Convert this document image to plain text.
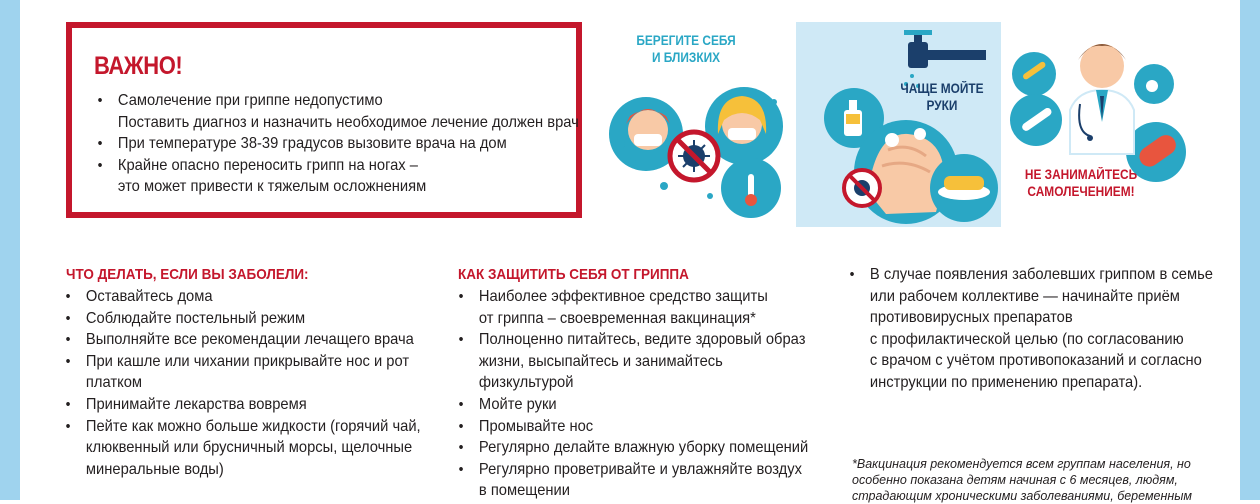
ВАЖНО!
• Самолечение при гриппе недопустимо
Поставить диагноз и назначить необходимое лечение должен врач
• При температуре 38-39 градусов вызовите врача на дом
• Крайне опасно переносить грипп на ногах –
это может привести к тяжелым осложнениям
БЕРЕГИТЕ СЕБЯ
И БЛИЗКИХ
ЧАЩЕ МОЙТЕ
РУКИ
НЕ ЗАНИМАЙТЕСЬ
САМОЛЕЧЕНИЕМ!
ЧТО ДЕЛАТЬ, ЕСЛИ ВЫ ЗАБОЛЕЛИ:
• Оставайтесь дома
• Соблюдайте постельный режим
• Выполняйте все рекомендации лечащего врача
• При кашле или чихании прикрывайте нос и рот
платком
• Принимайте лекарства вовремя
• Пейте как можно больше жидкости (горячий чай,
клюквенный или брусничный морсы, щелочные
минеральные воды)
КАК ЗАЩИТИТЬ СЕБЯ ОТ ГРИППА
• Наиболее эффективное средство защиты
от гриппа – своевременная вакцинация*
• Полноценно питайтесь, ведите здоровый образ
жизни, высыпайтесь и занимайтесь
физкультурой
• Мойте руки
• Промывайте нос
• Регулярно делайте влажную уборку помещений
• Регулярно проветривайте и увлажняйте воздух
в помещении
• В случае появления заболевших гриппом в семье
или рабочем коллективе — начинайте приём
противовирусных препаратов
с профилактической целью (по согласованию
с врачом с учётом противопоказаний и согласно
инструкции по применению препарата).
*Вакцинация рекомендуется всем группам населения, но
особенно показана детям начиная с 6 месяцев, людям,
страдающим хроническими заболеваниями, беременным
